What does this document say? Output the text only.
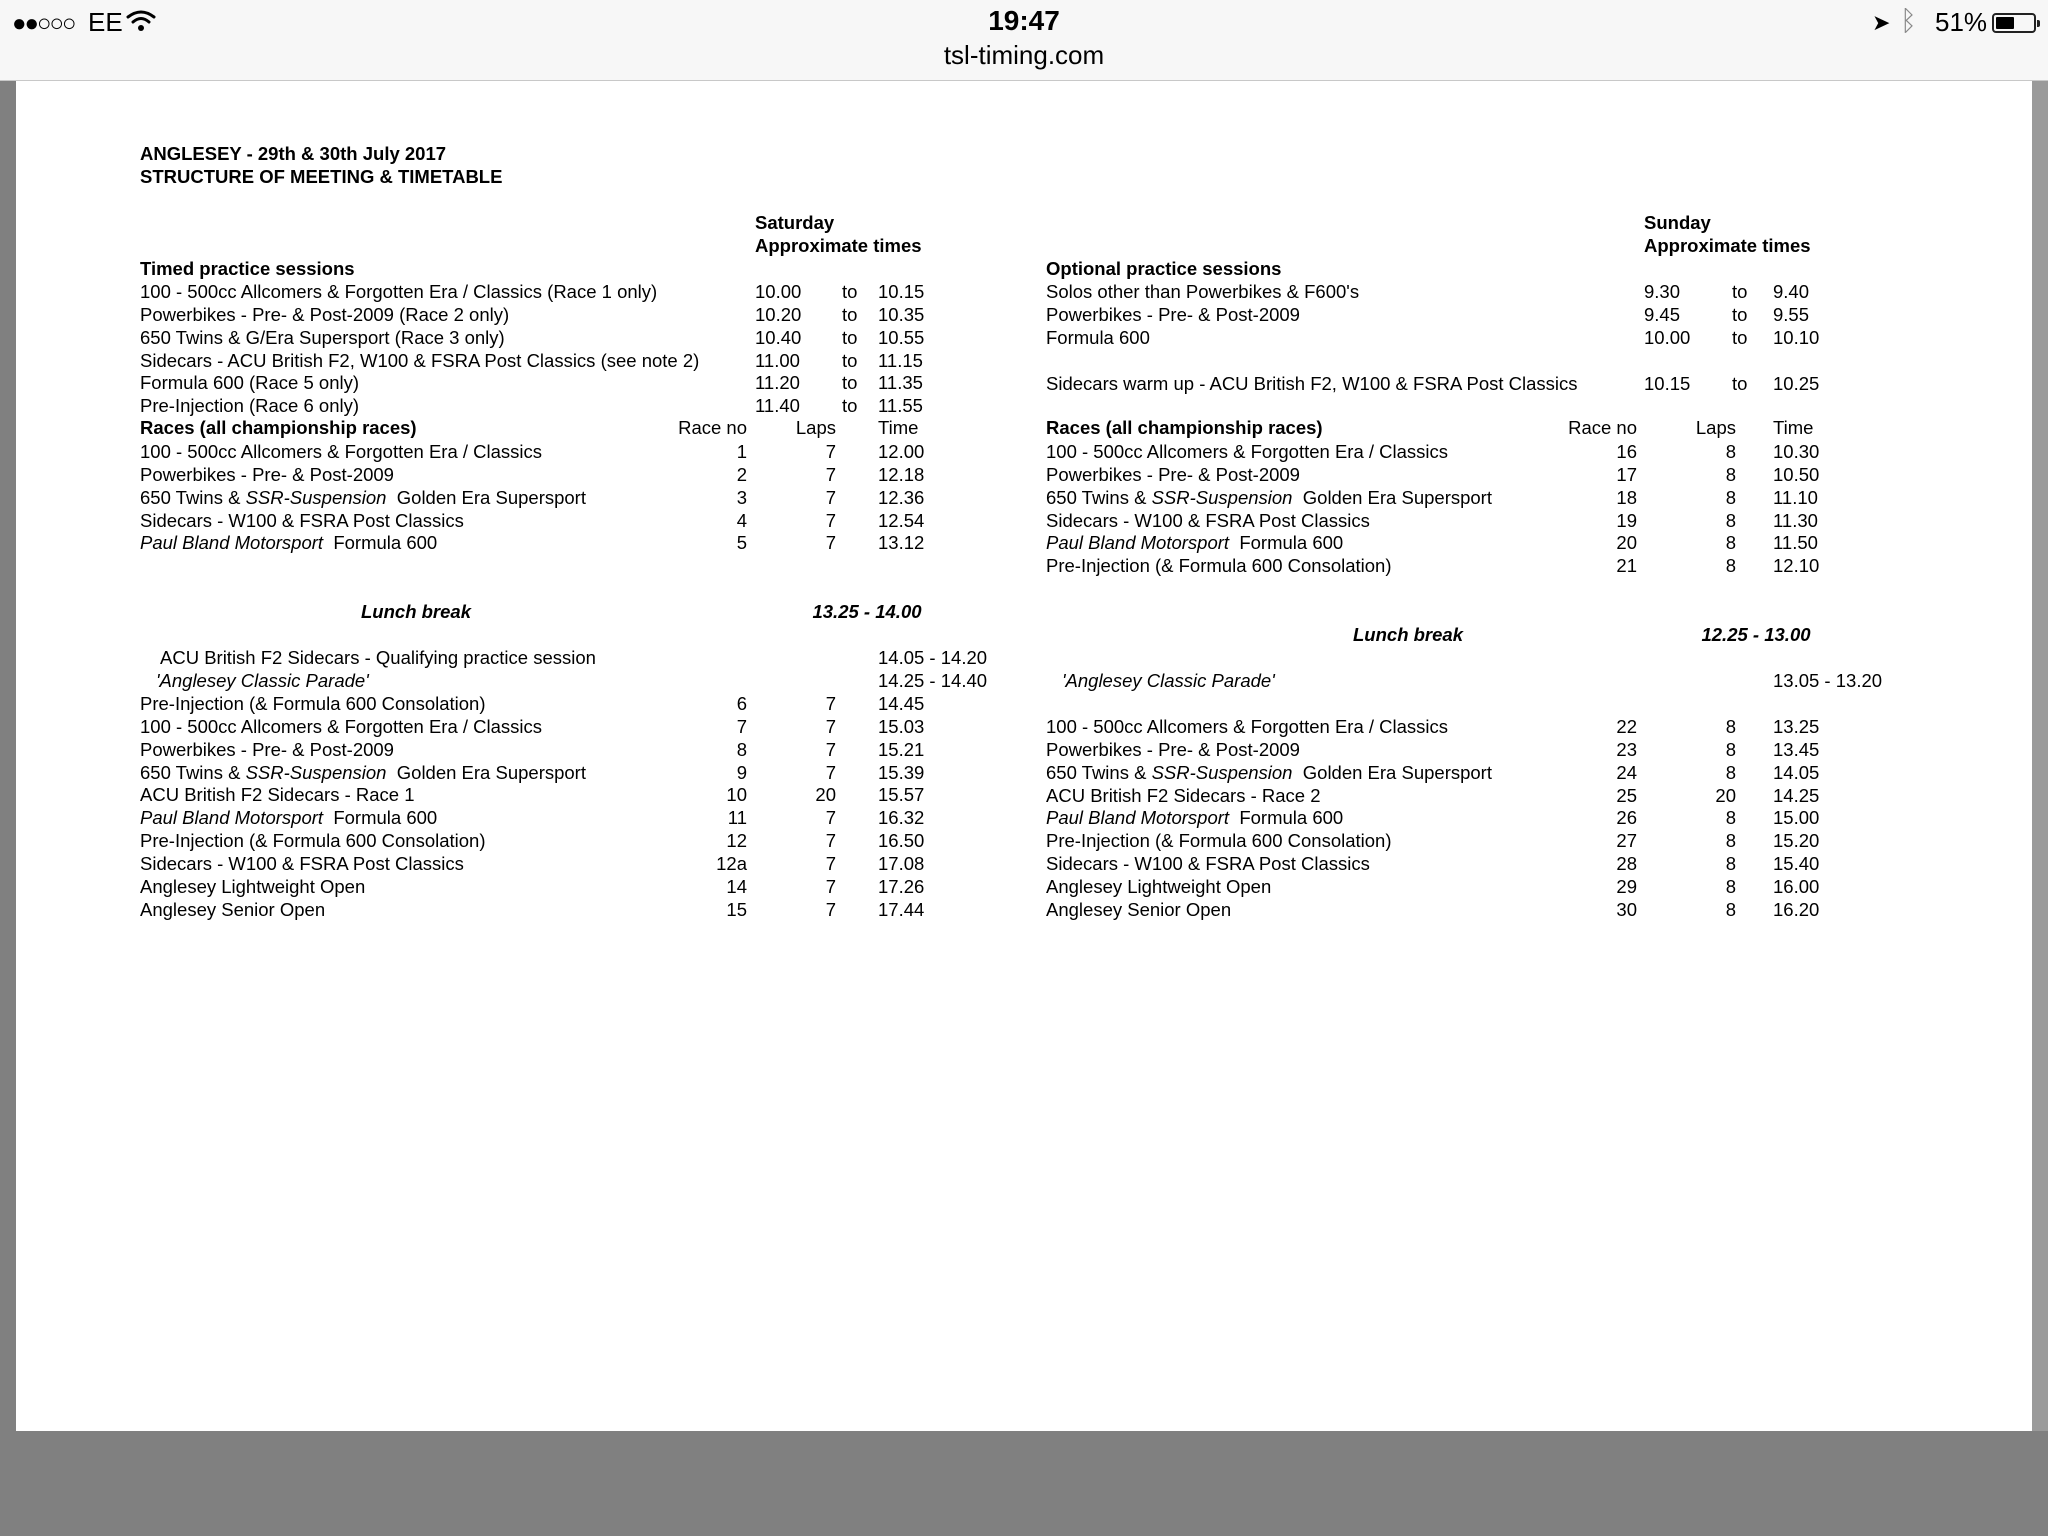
●●○○○ EE	19:47
tsl-timing.com
➤ ᛒ 51%
ANGLESEY - 29th & 30th July 2017
STRUCTURE OF MEETING & TIMETABLE
Saturday
Approximate times
Timed practice sessions
100 - 500cc Allcomers & Forgotten Era / Classics (Race 1 only)	10.00 to 10.15
Powerbikes - Pre- & Post-2009 (Race 2 only)	10.20 to 10.35
650 Twins & G/Era Supersport (Race 3 only)	10.40 to 10.55
Sidecars - ACU British F2, W100 & FSRA Post Classics (see note 2)	11.00 to 11.15
Formula 600 (Race 5 only)	11.20 to 11.35
Pre-Injection (Race 6 only)	11.40 to 11.55
Races (all championship races)	Race no	Laps Time
100 - 500cc Allcomers & Forgotten Era / Classics	1	7 12.00
Powerbikes - Pre- & Post-2009	2	7 12.18
650 Twins & SSR-Suspension  Golden Era Supersport	3	7 12.36
Sidecars - W100 & FSRA Post Classics	4	7 12.54
Paul Bland Motorsport  Formula 600	5	7 13.12
Lunch break	13.25 - 14.00
ACU British F2 Sidecars - Qualifying practice session	14.05 - 14.20
'Anglesey Classic Parade'	14.25 - 14.40
Pre-Injection (& Formula 600 Consolation)	6	7 14.45
100 - 500cc Allcomers & Forgotten Era / Classics	7	7 15.03
Powerbikes - Pre- & Post-2009	8	7 15.21
650 Twins & SSR-Suspension  Golden Era Supersport	9	7 15.39
ACU British F2 Sidecars - Race 1	10	20 15.57
Paul Bland Motorsport  Formula 600	11	7 16.32
Pre-Injection (& Formula 600 Consolation)	12	7 16.50
Sidecars - W100 & FSRA Post Classics	12a	7 17.08
Anglesey Lightweight Open	14	7 17.26
Anglesey Senior Open	15	7 17.44
Sunday
Approximate times
Optional practice sessions
Solos other than Powerbikes & F600's	9.30	to 9.40
Powerbikes - Pre- & Post-2009	9.45	to 9.55
Formula 600	10.00 to 10.10
Sidecars warm up - ACU British F2, W100 & FSRA Post Classics	10.15 to 10.25
Races (all championship races)	Race no	Laps Time
100 - 500cc Allcomers & Forgotten Era / Classics	16	8 10.30
Powerbikes - Pre- & Post-2009	17	8 10.50
650 Twins & SSR-Suspension  Golden Era Supersport	18	8 11.10
Sidecars - W100 & FSRA Post Classics	19	8 11.30
Paul Bland Motorsport  Formula 600	20	8 11.50
Pre-Injection (& Formula 600 Consolation)	21	8 12.10
Lunch break	12.25 - 13.00
'Anglesey Classic Parade'	13.05 - 13.20
100 - 500cc Allcomers & Forgotten Era / Classics	22	8 13.25
Powerbikes - Pre- & Post-2009	23	8 13.45
650 Twins & SSR-Suspension  Golden Era Supersport	24	8 14.05
ACU British F2 Sidecars - Race 2	25	20 14.25
Paul Bland Motorsport  Formula 600	26	8 15.00
Pre-Injection (& Formula 600 Consolation)	27	8 15.20
Sidecars - W100 & FSRA Post Classics	28	8 15.40
Anglesey Lightweight Open	29	8 16.00
Anglesey Senior Open	30	8 16.20
